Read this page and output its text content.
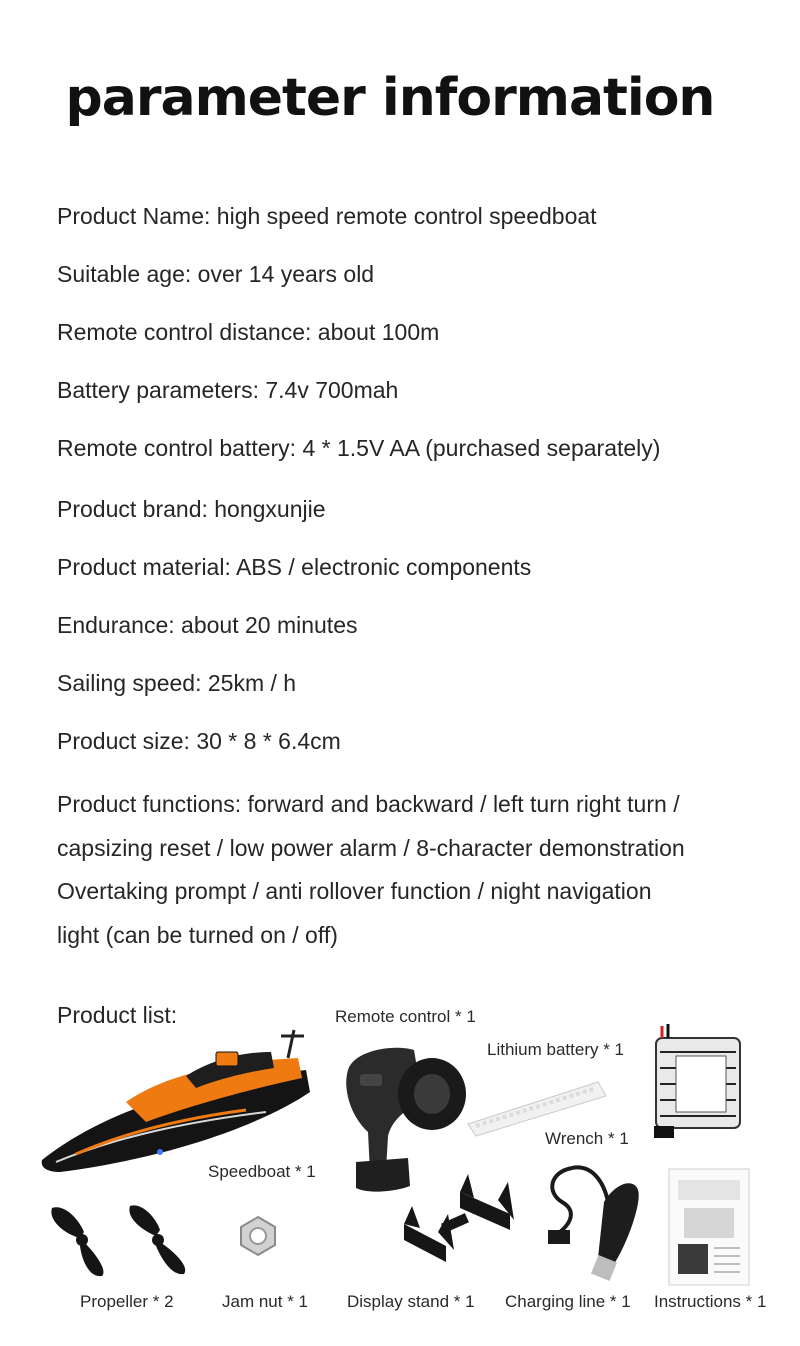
parameter information
Product Name: high speed remote control speedboat
Suitable age: over 14 years old
Remote control distance: about 100m
Battery parameters: 7.4v 700mah
Remote control battery: 4 * 1.5V AA (purchased separately)
Product brand: hongxunjie
Product material: ABS / electronic components
Endurance: about 20 minutes
Sailing speed: 25km / h
Product size: 30 * 8 * 6.4cm
Product functions: forward and backward / left turn right turn /
capsizing reset / low power alarm / 8-character demonstration
Overtaking prompt / anti rollover function / night navigation
light (can be turned on / off)
Product list:
Speedboat * 1
Remote control * 1
Lithium battery * 1
Wrench * 1
Propeller * 2	Jam nut * 1 Display stand * 1 Charging line * 1 Instructions * 1
